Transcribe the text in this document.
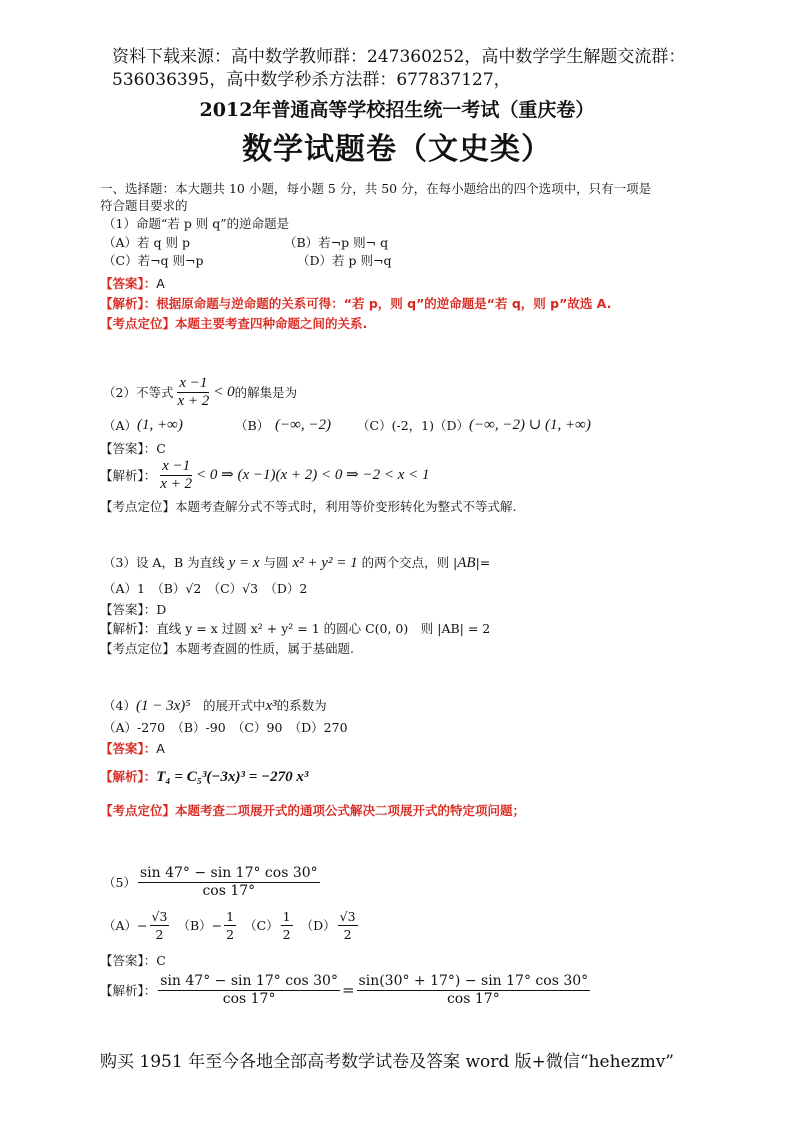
资料下载来源：高中数学教师群：247360252，高中数学学生解题交流群：
536036395，高中数学秒杀方法群：677837127，
2012年普通高等学校招生统一考试（重庆卷）
数学试题卷（文史类）
一、选择题：本大题共 10 小题，每小题 5 分，共 50 分，在每小题给出的四个选项中，只有一项是
符合题目要求的
（1）命题“若 p 则 q”的逆命题是
（A）若 q 则 p	（B）若¬p 则¬ q
（C）若¬q 则¬p	（D）若 p 则¬q
【答案】：A
【解析】：根据原命题与逆命题的关系可得：“若 p，则 q”的逆命题是“若 q，则 p”故选 A.
【考点定位】本题主要考查四种命题之间的关系.
（2）不等式 $\frac{x -1}{x + 2} < 0$ 的解集是为
（A） (1, +∞)	（B） (−∞, −2)	（C）(-2，1)（D） (−∞, −2) ∪ (1, +∞)
【答案】：C
【解析】： $\frac{x -1}{x + 2} < 0$ ⇒ (x −1)(x + 2) < 0 ⇒ −2 < x < 1
【考点定位】本题考查解分式不等式时，利用等价变形转化为整式不等式解.
（3）设 A，B 为直线 y = x 与圆 x² + y² = 1 的两个交点，则 |AB|=
（A）1　（B）√2　（C）√3　（D）2
【答案】：D
【解析】：直线 y = x 过圆 x² + y² = 1 的圆心 C(0, 0)　则 |AB| = 2
【考点定位】本题考查圆的性质，属于基础题.
（4）(1 − 3x)⁵　的展开式中x³的系数为
（A）-270　（B）-90　（C）90　（D）270
【答案】：A
【解析】：T₄ = C₅³(−3x)³ = −270 x³
【考点定位】本题考查二项展开式的通项公式解决二项展开式的特定项问题；
$(5) \frac{\sin 47^\circ - \sin 17^\circ \cos 30^\circ}{\cos 17^\circ}$
$(A)- \frac{√3}{2} (B)- \frac{1}{2} (C) \frac{1}{2} (D) \frac{√3}{2}$
【答案】：C
【解析】： $\frac{\sin 47^\circ - \sin 17^\circ \cos 30^\circ}{\cos 17^\circ} = \frac{\sin(30^\circ + 17^\circ) - \sin 17^\circ \cos 30^\circ}{\cos 17^\circ}$
购买 1951 年至今各地全部高考数学试卷及答案 word 版+微信“hehezmv”
